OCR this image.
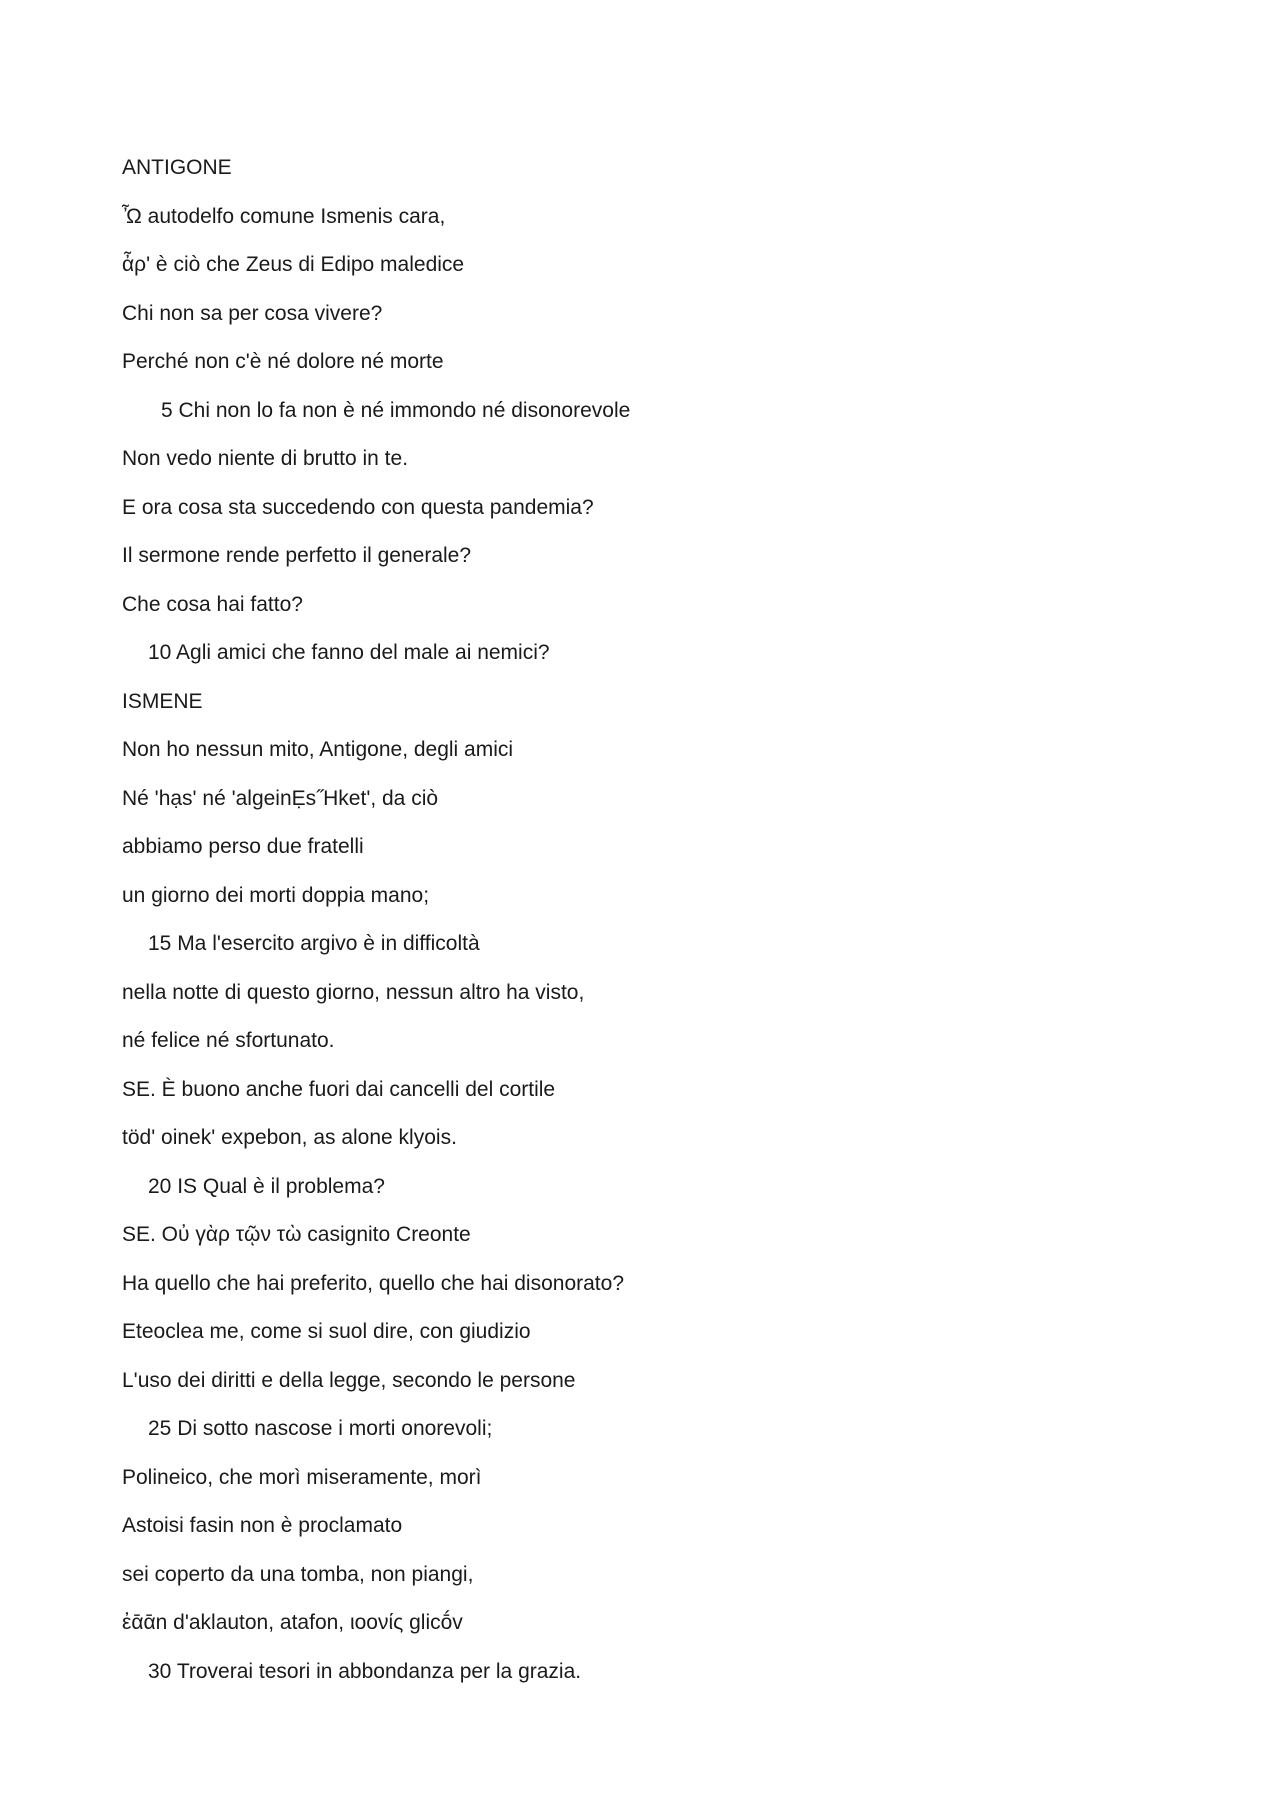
ANTIGONE
Ὦ autodelfo comune Ismenis cara,
ἆρ' è ciò che Zeus di Edipo maledice
Chi non sa per cosa vivere?
Perché non c'è né dolore né morte
5 Chi non lo fa non è né immondo né disonorevole
Non vedo niente di brutto in te.
E ora cosa sta succedendo con questa pandemia?
Il sermone rende perfetto il generale?
Che cosa hai fatto?
10 Agli amici che fanno del male ai nemici?
ISMENE
Non ho nessun mito, Antigone, degli amici
Né 'hạs' né 'algeinẸs˝Hket', da ciò
abbiamo perso due fratelli
un giorno dei morti doppia mano;
15 Ma l'esercito argivo è in difficoltà
nella notte di questo giorno, nessun altro ha visto,
né felice né sfortunato.
SE. È buono anche fuori dai cancelli del cortile
töd' oinek' expebon, as alone klyois.
20 IS Qual è il problema?
SE. Οὐ γὰρ τῷν τὼ casignito Creonte
Ha quello che hai preferito, quello che hai disonorato?
Eteoclea me, come si suol dire, con giudizio
L'uso dei diritti e della legge, secondo le persone
25 Di sotto nascose i morti onorevoli;
Polineico, che morì miseramente, morì
Astoisi fasin non è proclamato
sei coperto da una tomba, non piangi,
ἐᾱᾱn d'aklauton, atafon, ιοονίς glicṓv
30 Troverai tesori in abbondanza per la grazia.
